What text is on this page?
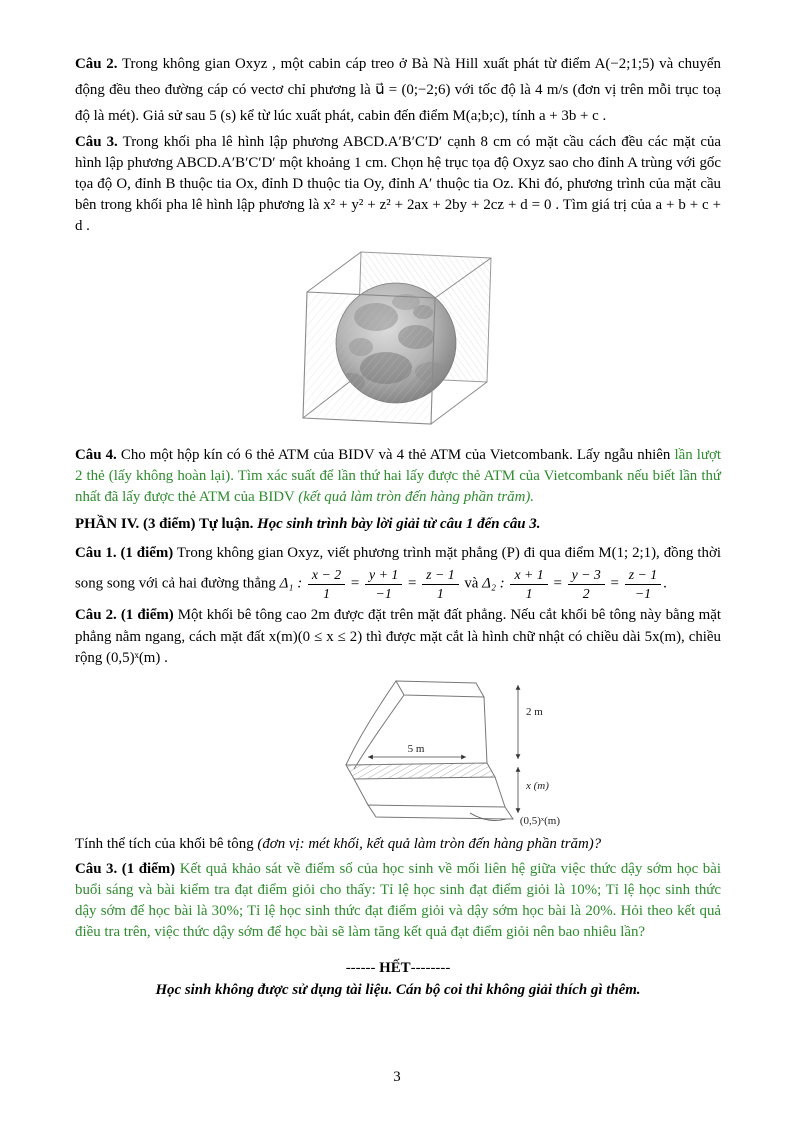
Câu 2. Trong không gian Oxyz , một cabin cáp treo ở Bà Nà Hill xuất phát từ điểm A(−2;1;5) và chuyển động đều theo đường cáp có vectơ chỉ phương là u⃗ = (0;−2;6) với tốc độ là 4 m/s (đơn vị trên mỗi trục toạ độ là mét). Giả sử sau 5 (s) kể từ lúc xuất phát, cabin đến điểm M(a;b;c), tính a + 3b + c .

Câu 3. Trong khối pha lê hình lập phương ABCD.A′B′C′D′ cạnh 8 cm có mặt cầu cách đều các mặt của hình lập phương ABCD.A′B′C′D′ một khoảng 1 cm. Chọn hệ trục tọa độ Oxyz sao cho đỉnh A trùng với gốc tọa độ O, đỉnh B thuộc tia Ox, đỉnh D thuộc tia Oy, đỉnh A′ thuộc tia Oz. Khi đó, phương trình của mặt cầu bên trong khối pha lê hình lập phương là x² + y² + z² + 2ax + 2by + 2cz + d = 0 . Tìm giá trị của a + b + c + d .

Câu 4. Cho một hộp kín có 6 thẻ ATM của BIDV và 4 thẻ ATM của Vietcombank. Lấy ngẫu nhiên lần lượt 2 thẻ (lấy không hoàn lại). Tìm xác suất để lần thứ hai lấy được thẻ ATM của Vietcombank nếu biết lần thứ nhất đã lấy được thẻ ATM của BIDV (kết quả làm tròn đến hàng phần trăm).

PHẦN IV. (3 điểm) Tự luận. Học sinh trình bày lời giải từ câu 1 đến câu 3.

Câu 1. (1 điểm) Trong không gian Oxyz, viết phương trình mặt phẳng (P) đi qua điểm M(1; 2;1), đồng thời song song với cả hai đường thẳng Δ₁ : $\frac{x - 2}{1} = \frac{y + 1}{-1} = \frac{z - 1}{1}$ và Δ₂ : $\frac{x + 1}{1} = \frac{y - 3}{2} = \frac{z - 1}{-1}$ .

Câu 2. (1 điểm) Một khối bê tông cao 2m được đặt trên mặt đất phẳng. Nếu cắt khối bê tông này bằng mặt phẳng nằm ngang, cách mặt đất x(m)(0 ≤ x ≤ 2) thì được mặt cắt là hình chữ nhật có chiều dài 5x(m), chiều rộng (0,5)ˣ(m) .

5 m
2 m
x (m)
(0,5)ˣ(m)

Tính thể tích của khối bê tông (đơn vị: mét khối, kết quả làm tròn đến hàng phần trăm)?

Câu 3. (1 điểm) Kết quả khảo sát về điểm số của học sinh về mối liên hệ giữa việc thức dậy sớm học bài buổi sáng và bài kiểm tra đạt điểm giỏi cho thấy: Tỉ lệ học sinh đạt điểm giỏi là 10%; Tỉ lệ học sinh thức dậy sớm để học bài là 30%; Tỉ lệ học sinh thức đạt điểm giỏi và dậy sớm học bài là 20%. Hỏi theo kết quả điều tra trên, việc thức dậy sớm để học bài sẽ làm tăng kết quả đạt điểm giỏi nên bao nhiêu lần?

------ HẾT--------
Học sinh không được sử dụng tài liệu. Cán bộ coi thi không giải thích gì thêm.
3
